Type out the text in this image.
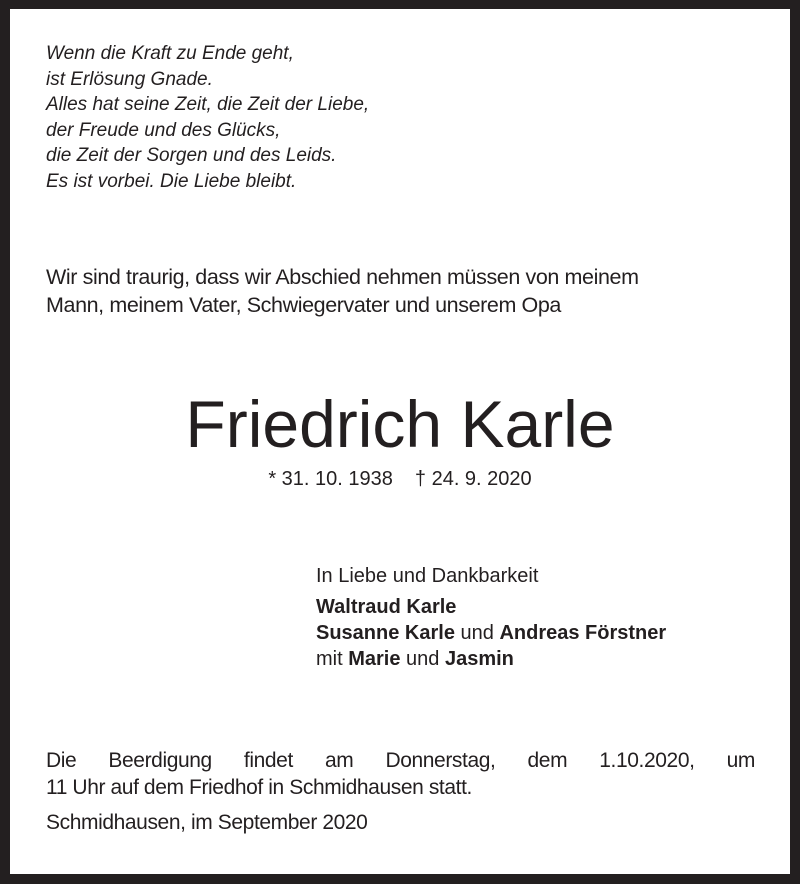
Wenn die Kraft zu Ende geht,
ist Erlösung Gnade.
Alles hat seine Zeit, die Zeit der Liebe,
der Freude und des Glücks,
die Zeit der Sorgen und des Leids.
Es ist vorbei. Die Liebe bleibt.
Wir sind traurig, dass wir Abschied nehmen müssen von meinem
Mann, meinem Vater, Schwiegervater und unserem Opa
Friedrich Karle
* 31. 10. 1938 † 24. 9. 2020
In Liebe und Dankbarkeit
Waltraud Karle
Susanne Karle und Andreas Förstner
mit Marie und Jasmin
Die Beerdigung findet am Donnerstag, dem 1.10.2020, um
11 Uhr auf dem Friedhof in Schmidhausen statt.
Schmidhausen, im September 2020
